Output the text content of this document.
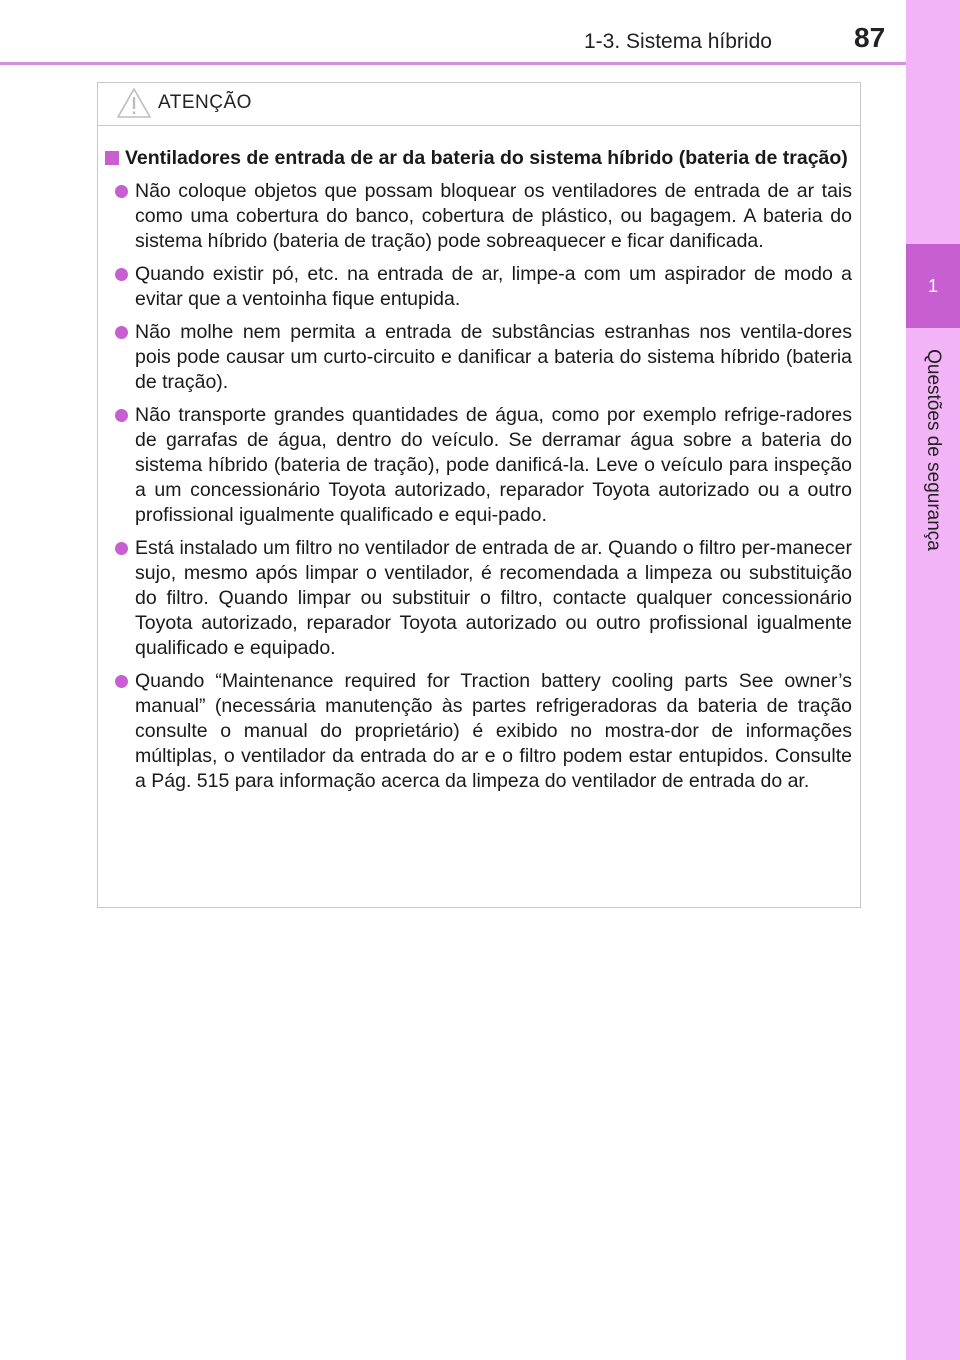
1-3. Sistema híbrido	87
1
Questões de segurança
ATENÇÃO
Ventiladores de entrada de ar da bateria do sistema híbrido (bateria de tração)
Não coloque objetos que possam bloquear os ventiladores de entrada de ar tais como uma cobertura do banco, cobertura de plástico, ou bagagem. A bateria do sistema híbrido (bateria de tração) pode sobreaquecer e ficar danificada.
Quando existir pó, etc. na entrada de ar, limpe-a com um aspirador de modo a evitar que a ventoinha fique entupida.
Não molhe nem permita a entrada de substâncias estranhas nos ventila-dores pois pode causar um curto-circuito e danificar a bateria do sistema híbrido (bateria de tração).
Não transporte grandes quantidades de água, como por exemplo refrige-radores de garrafas de água, dentro do veículo. Se derramar água sobre a bateria do sistema híbrido (bateria de tração), pode danificá-la. Leve o veículo para inspeção a um concessionário Toyota autorizado, reparador Toyota autorizado ou a outro profissional igualmente qualificado e equi-pado.
Está instalado um filtro no ventilador de entrada de ar. Quando o filtro per-manecer sujo, mesmo após limpar o ventilador, é recomendada a limpeza ou substituição do filtro. Quando limpar ou substituir o filtro, contacte qualquer concessionário Toyota autorizado, reparador Toyota autorizado ou outro profissional igualmente qualificado e equipado.
Quando “Maintenance required for Traction battery cooling parts See owner’s manual” (necessária manutenção às partes refrigeradoras da bateria de tração consulte o manual do proprietário) é exibido no mostra-dor de informações múltiplas, o ventilador da entrada do ar e o filtro podem estar entupidos. Consulte a Pág. 515 para informação acerca da limpeza do ventilador de entrada do ar.
